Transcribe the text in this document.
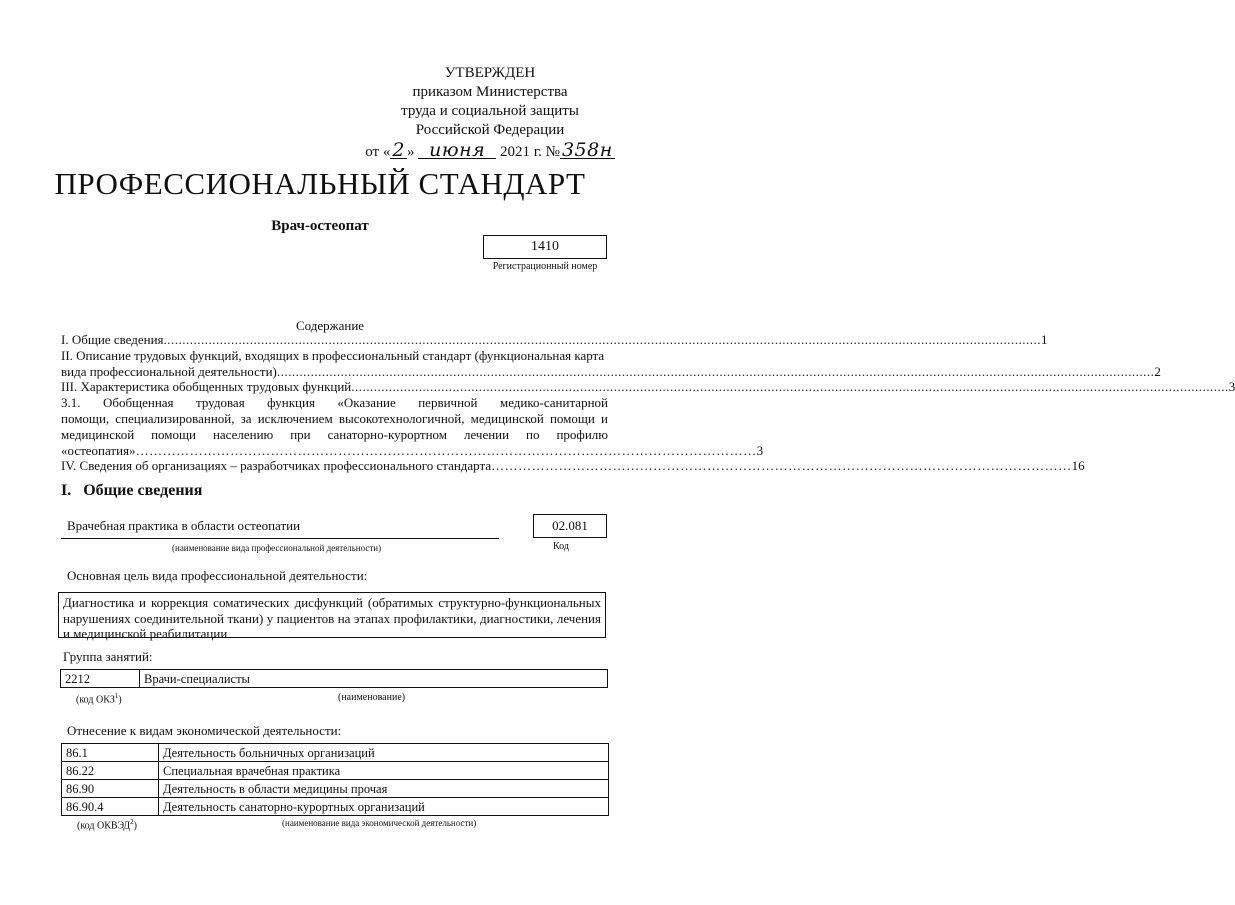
УТВЕРЖДЕН
приказом Министерства
труда и социальной защиты
Российской Федерации
от « 2 » июня 2021 г. № 358н
ПРОФЕССИОНАЛЬНЫЙ СТАНДАРТ
Врач-остеопат
1410
Регистрационный номер
Содержание
I. Общие сведения .......................................................................................................................................................................................................................................... 1
II. Описание трудовых функций, входящих в профессиональный стандарт (функциональная карта
вида профессиональной деятельности) .......................................................................................................................................................................................................................................... 2
III. Характеристика обобщенных трудовых функций .......................................................................................................................................................................................................................................... 3
3.1. Обобщенная трудовая функция «Оказание первичной медико-санитарной
помощи, специализированной, за исключением высокотехнологичной, медицинской помощи и
медицинской помощи населению при санаторно-курортном лечении по профилю
«остеопатия» ………………………………………………………………………………………………………………………… 3
IV. Сведения об организациях – разработчиках профессионального стандарта ………………………………………………………………………………………………………………… 16
I.   Общие сведения
Врачебная практика в области остеопатии
(наименование вида профессиональной деятельности)
02.081
Код
Основная цель вида профессиональной деятельности:
Диагностика и коррекция соматических дисфункций (обратимых структурно-функциональных нарушениях соединительной ткани) у пациентов на этапах профилактики, диагностики, лечения и медицинской реабилитации
Группа занятий:
2212	Врачи-специалисты
(код ОКЗ$^1$)	(наименование)
Отнесение к видам экономической деятельности:
86.1	Деятельность больничных организаций
86.22	Специальная врачебная практика
86.90	Деятельность в области медицины прочая
86.90.4	Деятельность санаторно-курортных организаций
(код ОКВЭД$^2$)	(наименование вида экономической деятельности)
